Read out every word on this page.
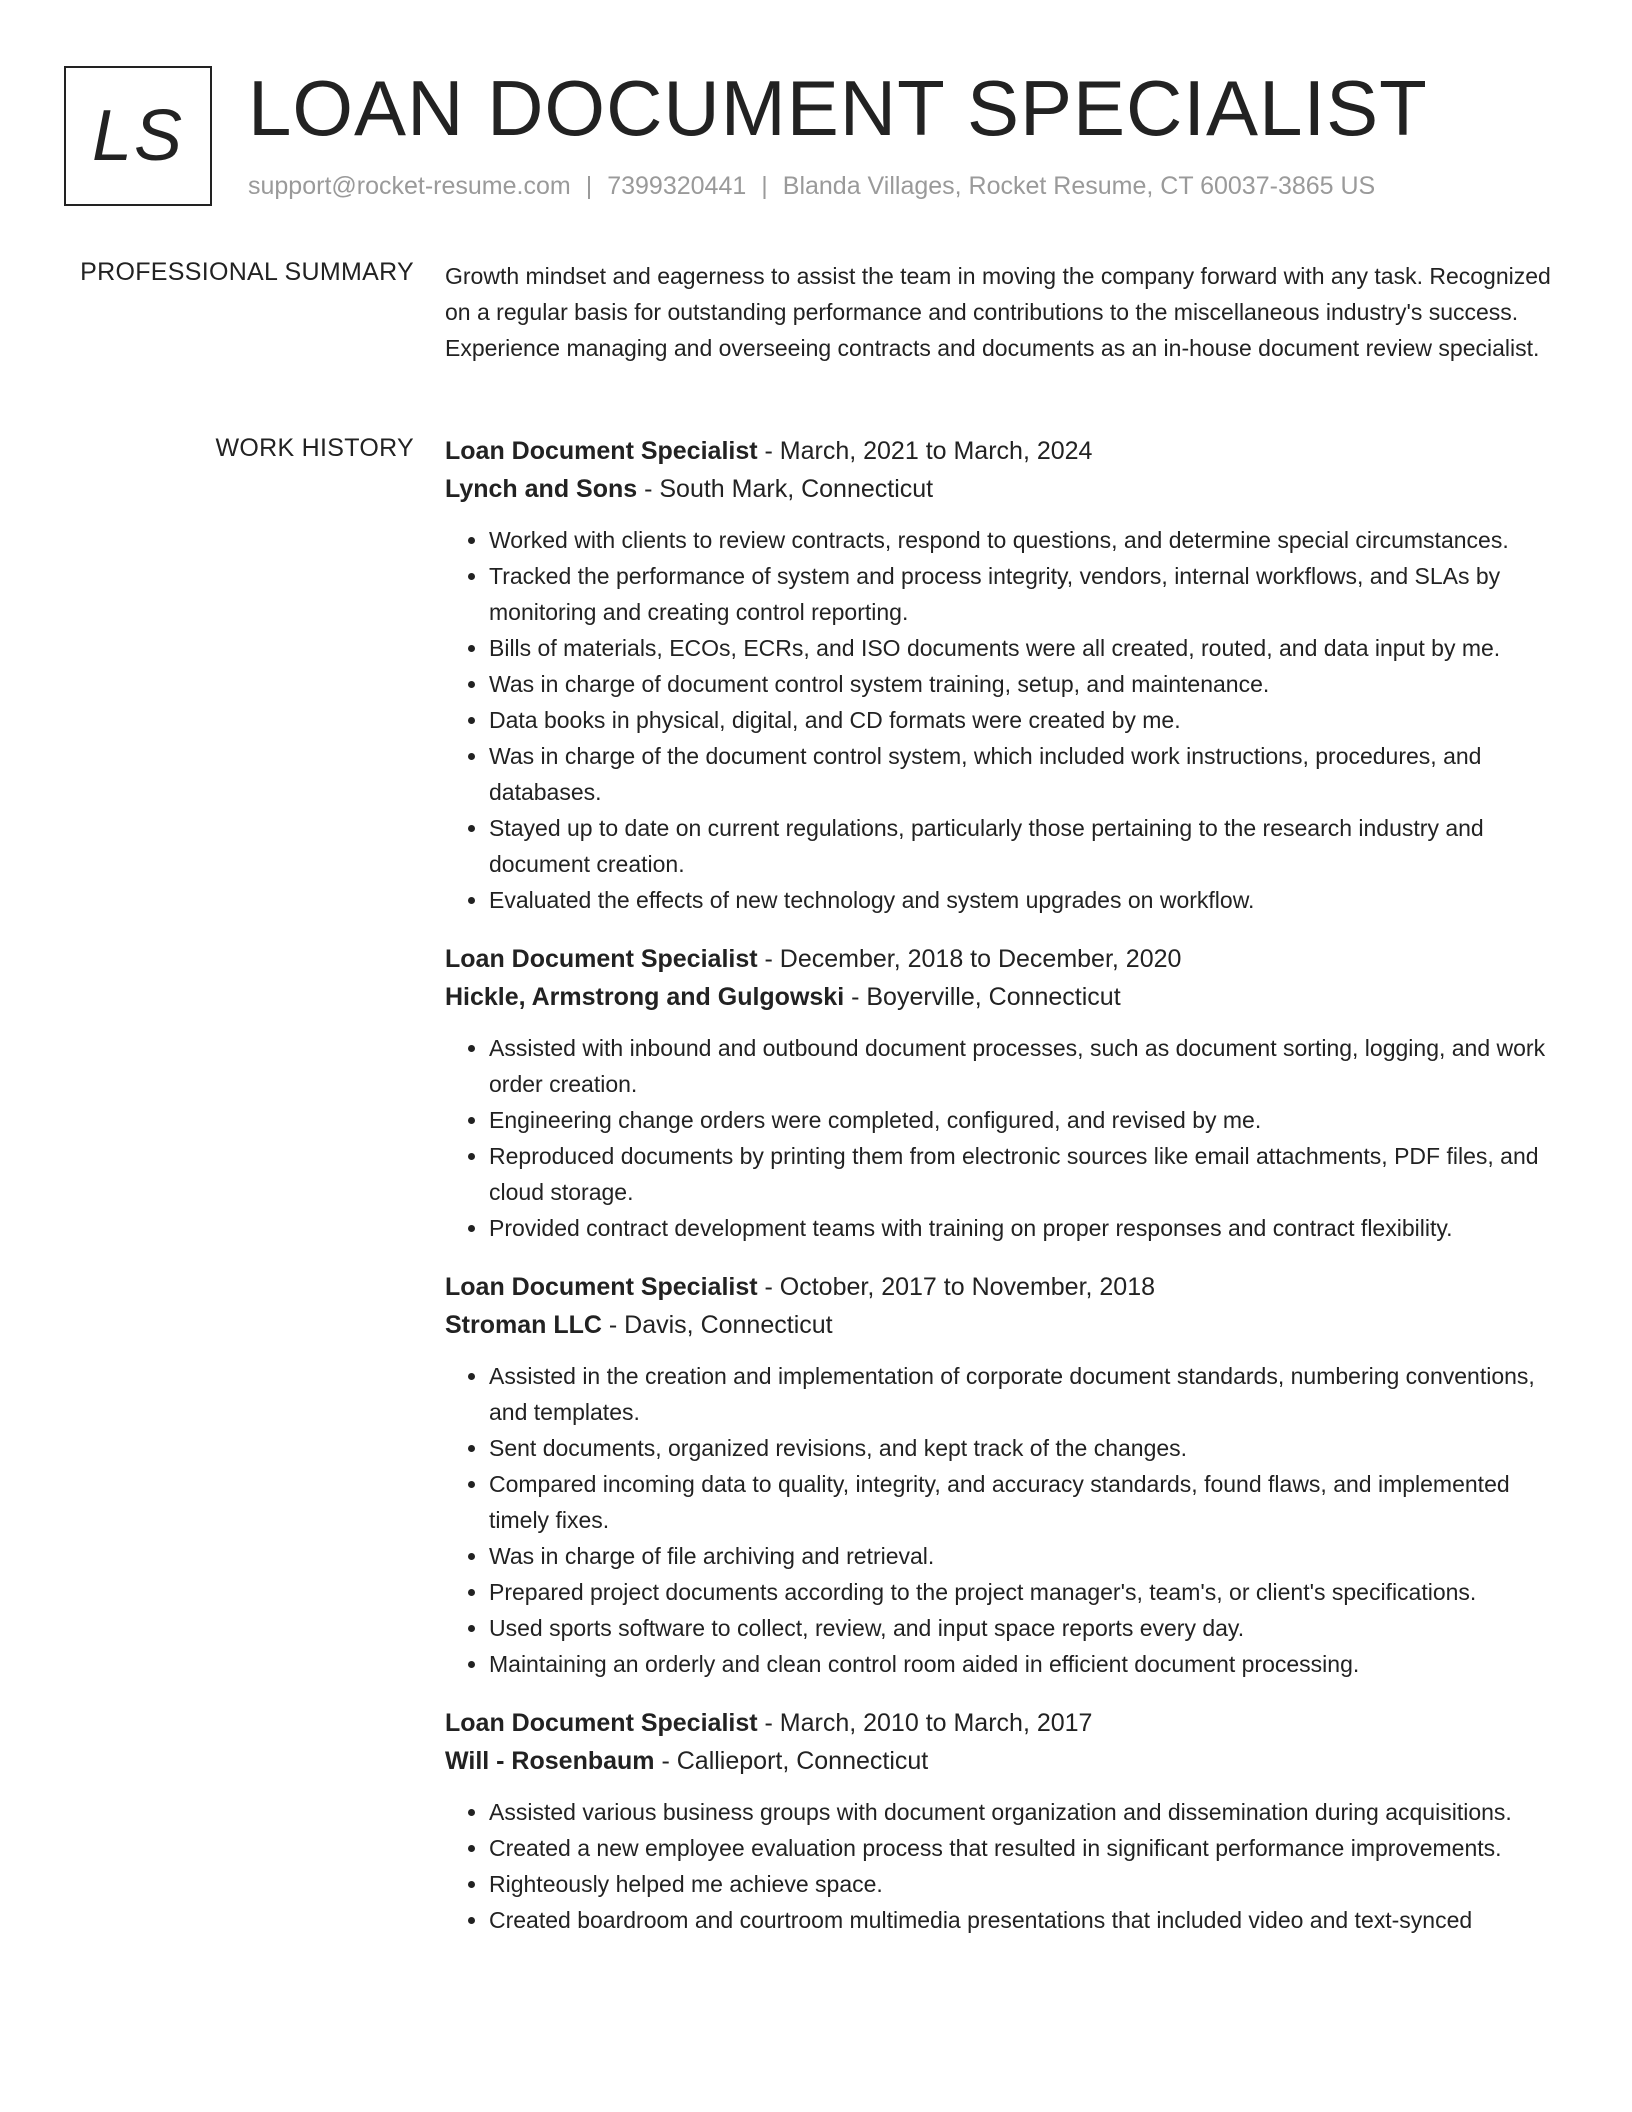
LS LOAN DOCUMENT SPECIALIST
support@rocket-resume.com | 7399320441 | Blanda Villages, Rocket Resume, CT 60037-3865 US
PROFESSIONAL SUMMARY Growth mindset and eagerness to assist the team in moving the company forward with any task. Recognized on a regular basis for outstanding performance and contributions to the miscellaneous industry's success. Experience managing and overseeing contracts and documents as an in-house document review specialist.

WORK HISTORY Loan Document Specialist - March, 2021 to March, 2024
Lynch and Sons - South Mark, Connecticut
• Worked with clients to review contracts, respond to questions, and determine special circumstances.
• Tracked the performance of system and process integrity, vendors, internal workflows, and SLAs by monitoring and creating control reporting.
• Bills of materials, ECOs, ECRs, and ISO documents were all created, routed, and data input by me.
• Was in charge of document control system training, setup, and maintenance.
• Data books in physical, digital, and CD formats were created by me.
• Was in charge of the document control system, which included work instructions, procedures, and databases.
• Stayed up to date on current regulations, particularly those pertaining to the research industry and document creation.
• Evaluated the effects of new technology and system upgrades on workflow.
Loan Document Specialist - December, 2018 to December, 2020
Hickle, Armstrong and Gulgowski - Boyerville, Connecticut
• Assisted with inbound and outbound document processes, such as document sorting, logging, and work order creation.
• Engineering change orders were completed, configured, and revised by me.
• Reproduced documents by printing them from electronic sources like email attachments, PDF files, and cloud storage.
• Provided contract development teams with training on proper responses and contract flexibility.
Loan Document Specialist - October, 2017 to November, 2018
Stroman LLC - Davis, Connecticut
• Assisted in the creation and implementation of corporate document standards, numbering conventions, and templates.
• Sent documents, organized revisions, and kept track of the changes.
• Compared incoming data to quality, integrity, and accuracy standards, found flaws, and implemented timely fixes.
• Was in charge of file archiving and retrieval.
• Prepared project documents according to the project manager's, team's, or client's specifications.
• Used sports software to collect, review, and input space reports every day.
• Maintaining an orderly and clean control room aided in efficient document processing.
Loan Document Specialist - March, 2010 to March, 2017
Will - Rosenbaum - Callieport, Connecticut
• Assisted various business groups with document organization and dissemination during acquisitions.
• Created a new employee evaluation process that resulted in significant performance improvements.
• Righteously helped me achieve space.
• Created boardroom and courtroom multimedia presentations that included video and text-synced
